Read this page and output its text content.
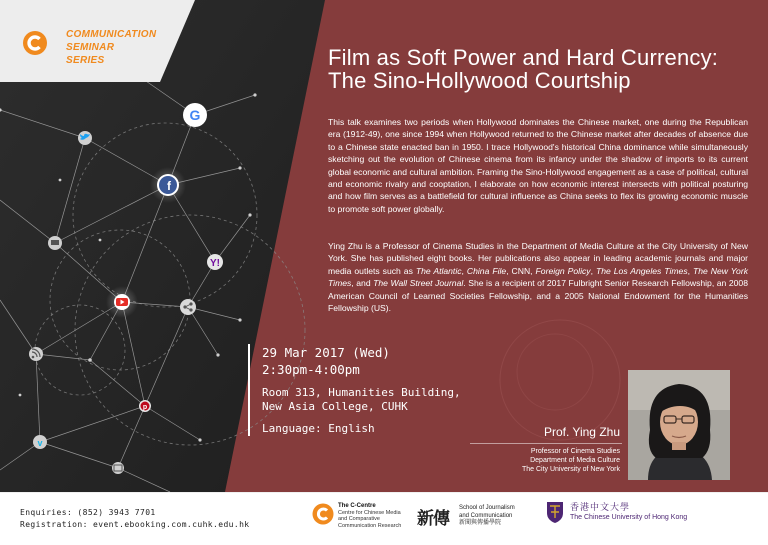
G
f
Y!
p
v
COMMUNICATION
SEMINAR
SERIES	Film as Soft Power and Hard Currency:
The Sino-Hollywood Courtship

This talk examines two periods when Hollywood dominates the Chinese market, one during the Republican era (1912-49), one since 1994 when Hollywood returned to the Chinese market after decades of absence due to a Chinese state enacted ban in 1950. I trace Hollywood's historical China dominance while simultaneously sketching out the evolution of Chinese cinema from its infancy under the shadow of imports to its current global economic and cultural ambition. Framing the Sino-Hollywood engagement as a case of political, cultural and economic rivalry and cooptation, I elaborate on how economic interest intersects with political posturing and how film serves as a battlefield for cultural influence as China seeks to flex its growing economic muscle to promote soft power globally.

Ying Zhu is a Professor of Cinema Studies in the Department of Media Culture at the City University of New York. She has published eight books. Her publications also appear in leading academic journals and major media outlets such as The Atlantic, China File, CNN, Foreign Policy, The Los Angeles Times, The New York Times, and The Wall Street Journal. She is a recipient of 2017 Fulbright Senior Research Fellowship, an 2008 American Council of Learned Societies Fellowship, and a 2005 National Endowment for the Humanities Fellowship (US).

29 Mar 2017 (Wed)
2:30pm-4:00pm
Room 313, Humanities Building,
New Asia College, CUHK
Language: English	Prof. Ying Zhu
Professor of Cinema Studies
Department of Media Culture
The City University of New York
Enquiries: (852) 3943 7701
Registration: event.ebooking.com.cuhk.edu.hk
The C-Centre
Centre for Chinese Media and Comparative Communication Research 新傳
School of Journalism
and Communication
新聞與傳播學院
香港中文大學
The Chinese University of Hong Kong
